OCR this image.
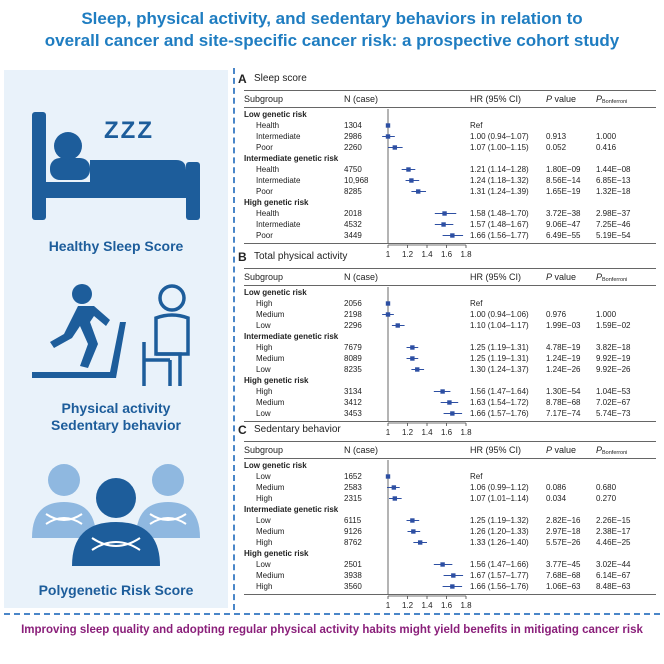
Sleep, physical activity, and sedentary behaviors in relation to
overall cancer and site-specific cancer risk: a prospective cohort study
ZZZ
Healthy Sleep Score
Physical activity
Sedentary behavior
Polygenetic Risk Score
A Sleep score
Subgroup	N (case)	HR (95% CI)	P value PBonferroni
1 1.2 1.4 1.6 1.8
Low genetic risk
Health	1304	Ref
Intermediate	2986	1.00 (0.94–1.07) 0.913	1.000
Poor	2260	1.07 (1.00–1.15) 0.052	0.416
Intermediate genetic risk
Health	4750	1.21 (1.14–1.28) 1.80E−09 1.44E−08
Intermediate	10,968	1.24 (1.18–1.32) 8.56E−14 6.85E−13
Poor	8285	1.31 (1.24–1.39) 1.65E−19 1.32E−18
High genetic risk
Health	2018	1.58 (1.48–1.70) 3.72E−38 2.98E−37
Intermediate	4532	1.57 (1.48–1.67) 9.06E−47 7.25E−46
Poor	3449	1.66 (1.56–1.77) 6.49E−55 5.19E−54
B Total physical activity
Subgroup	N (case)	HR (95% CI)	P value PBonferroni
1 1.2 1.4 1.6 1.8
Low genetic risk
High	2056	Ref
Medium	2198	1.00 (0.94–1.06) 0.976	1.000
Low	2296	1.10 (1.04–1.17) 1.99E−03 1.59E−02
Intermediate genetic risk
High	7679	1.25 (1.19–1.31) 4.78E−19 3.82E−18
Medium	8089	1.25 (1.19–1.31) 1.24E−19 9.92E−19
Low	8235	1.30 (1.24–1.37) 1.24E−26 9.92E−26
High genetic risk
High	3134	1.56 (1.47–1.64) 1.30E−54 1.04E−53
Medium	3412	1.63 (1.54–1.72) 8.78E−68 7.02E−67
Low	3453	1.66 (1.57–1.76) 7.17E−74 5.74E−73
C Sedentary behavior
Subgroup	N (case)	HR (95% CI)	P value PBonferroni
1 1.2 1.4 1.6 1.8
Low genetic risk
Low	1652	Ref
Medium	2583	1.06 (0.99–1.12) 0.086	0.680
High	2315	1.07 (1.01–1.14) 0.034	0.270
Intermediate genetic risk
Low	6115	1.25 (1.19–1.32) 2.82E−16 2.26E−15
Medium	9126	1.26 (1.20–1.33) 2.97E−18 2.38E−17
High	8762	1.33 (1.26–1.40) 5.57E−26 4.46E−25
High genetic risk
Low	2501	1.56 (1.47–1.66) 3.77E−45 3.02E−44
Medium	3938	1.67 (1.57–1.77) 7.68E−68 6.14E−67
High	3560	1.66 (1.56–1.76) 1.06E−63 8.48E−63
Improving sleep quality and adopting regular physical activity habits might yield benefits in mitigating cancer risk
